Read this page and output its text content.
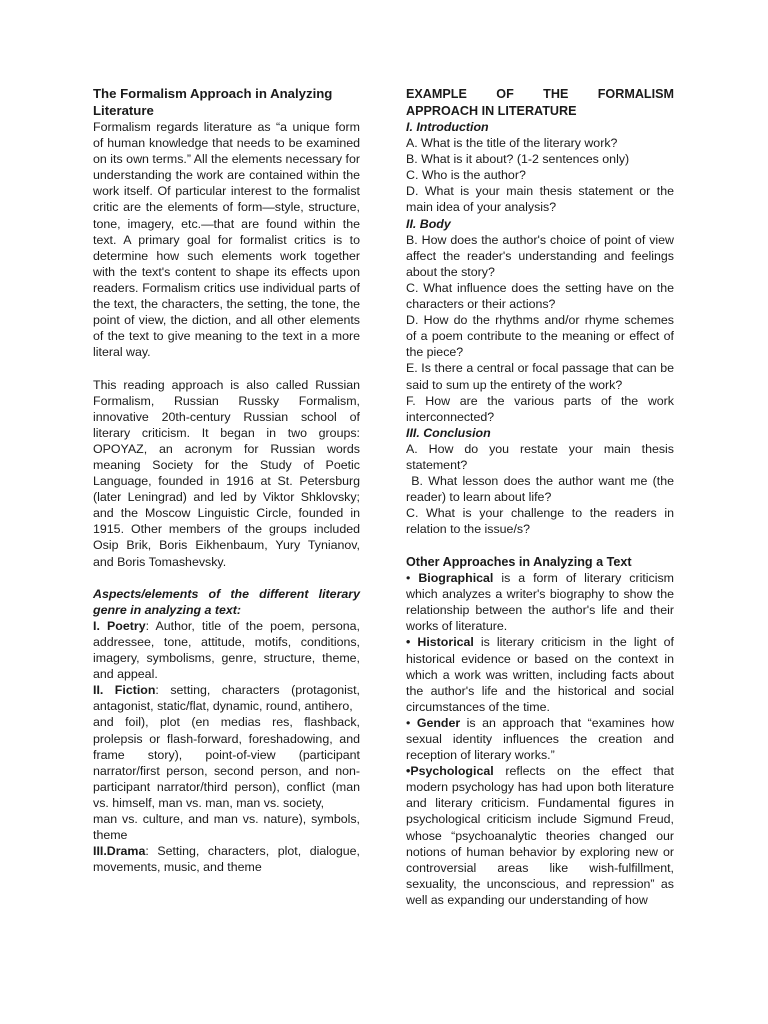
The Formalism Approach in Analyzing Literature

Formalism regards literature as “a unique form of human knowledge that needs to be examined on its own terms.” All the elements necessary for understanding the work are contained within the work itself. Of particular interest to the formalist critic are the elements of form—style, structure, tone, imagery, etc.—that are found within the text. A primary goal for formalist critics is to determine how such elements work together with the text's content to shape its effects upon readers. Formalism critics use individual parts of the text, the characters, the setting, the tone, the point of view, the diction, and all other elements of the text to give meaning to the text in a more literal way.

This reading approach is also called Russian Formalism, Russian Russky Formalism, innovative 20th-century Russian school of literary criticism. It began in two groups: OPOYAZ, an acronym for Russian words meaning Society for the Study of Poetic Language, founded in 1916 at St. Petersburg (later Leningrad) and led by Viktor Shklovsky; and the Moscow Linguistic Circle, founded in 1915. Other members of the groups included Osip Brik, Boris Eikhenbaum, Yury Tynianov, and Boris Tomashevsky.

Aspects/elements of the different literary genre in analyzing a text:

I. Poetry: Author, title of the poem, persona, addressee, tone, attitude, motifs, conditions, imagery, symbolisms, genre, structure, theme, and appeal.

II. Fiction: setting, characters (protagonist, antagonist, static/flat, dynamic, round, antihero,

and foil), plot (en medias res, flashback, prolepsis or flash-forward, foreshadowing, and frame story), point-of-view (participant narrator/first person, second person, and non-participant narrator/third person), conflict (man vs. himself, man vs. man, man vs. society,

man vs. culture, and man vs. nature), symbols, theme

III.Drama: Setting, characters, plot, dialogue, movements, music, and theme

EXAMPLE OF THE FORMALISM

APPROACH IN LITERATURE

I. Introduction

A. What is the title of the literary work?

B. What is it about? (1-2 sentences only)

C. Who is the author?

D. What is your main thesis statement or the main idea of your analysis?

II. Body

B. How does the author's choice of point of view affect the reader's understanding and feelings about the story?

C. What influence does the setting have on the characters or their actions?

D. How do the rhythms and/or rhyme schemes of a poem contribute to the meaning or effect of the piece?

E. Is there a central or focal passage that can be said to sum up the entirety of the work?

F. How are the various parts of the work interconnected?

III. Conclusion

A. How do you restate your main thesis statement?

B. What lesson does the author want me (the reader) to learn about life?

C. What is your challenge to the readers in relation to the issue/s?

Other Approaches in Analyzing a Text

• Biographical is a form of literary criticism which analyzes a writer's biography to show the relationship between the author's life and their works of literature.

• Historical is literary criticism in the light of historical evidence or based on the context in which a work was written, including facts about the author's life and the historical and social circumstances of the time.

• Gender is an approach that “examines how sexual identity influences the creation and reception of literary works.”

•Psychological reflects on the effect that modern psychology has had upon both literature and literary criticism. Fundamental figures in psychological criticism include Sigmund Freud, whose “psychoanalytic theories changed our notions of human behavior by exploring new or controversial areas like wish-fulfillment, sexuality, the unconscious, and repression” as well as expanding our understanding of how
